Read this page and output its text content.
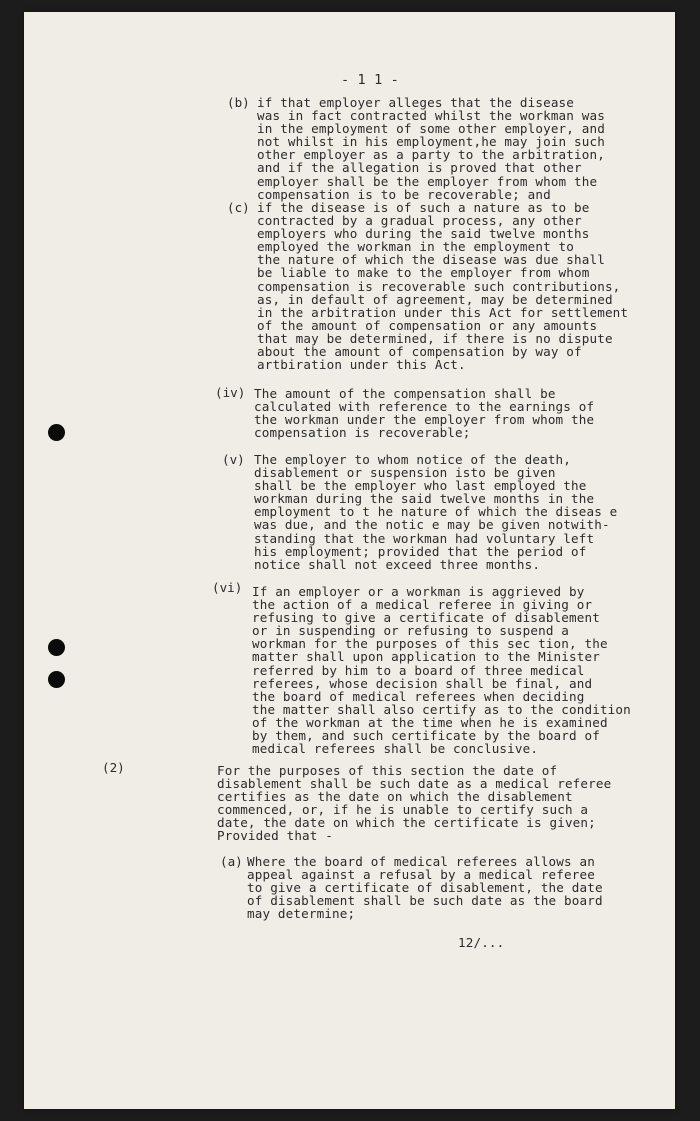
- 1 1 -
(b) if that employer alleges that the disease
was in fact contracted whilst the workman was
in the employment of some other employer, and
not whilst in his employment,he may join such
other employer as a party to the arbitration,
and if the allegation is proved that other
employer shall be the employer from whom the
compensation is to be recoverable; and
(c) if the disease is of such a nature as to be
contracted by a gradual process, any other
employers who during the said twelve months
employed the workman in the employment to
the nature of which the disease was due shall
be liable to make to the employer from whom
compensation is recoverable such contributions,
as, in default of agreement, may be determined
in the arbitration under this Act for settlement
of the amount of compensation or any amounts
that may be determined, if there is no dispute
about the amount of compensation by way of
artbiration under this Act.
(iv) The amount of the compensation shall be
calculated with reference to the earnings of
the workman under the employer from whom the
compensation is recoverable;
(v) The employer to whom notice of the death,
disablement or suspension isto be given
shall be the employer who last employed the
workman during the said twelve months in the
employment to t he nature of which the diseas e
was due, and the notic e may be given notwith-
standing that the workman had voluntary left
his employment; provided that the period of
notice shall not exceed three months.
(vi) If an employer or a workman is aggrieved by
the action of a medical referee in giving or
refusing to give a certificate of disablement
or in suspending or refusing to suspend a
workman for the purposes of this sec tion, the
matter shall upon application to the Minister
referred by him to a board of three medical
referees, whose decision shall be final, and
the board of medical referees when deciding
the matter shall also certify as to the condition
of the workman at the time when he is examined
by them, and such certificate by the board of
medical referees shall be conclusive.
(2)	For the purposes of this section the date of
disablement shall be such date as a medical referee
certifies as the date on which the disablement
commenced, or, if he is unable to certify such a
date, the date on which the certificate is given;
Provided that -
(a) Where the board of medical referees allows an
appeal against a refusal by a medical referee
to give a certificate of disablement, the date
of disablement shall be such date as the board
may determine;
12/...
